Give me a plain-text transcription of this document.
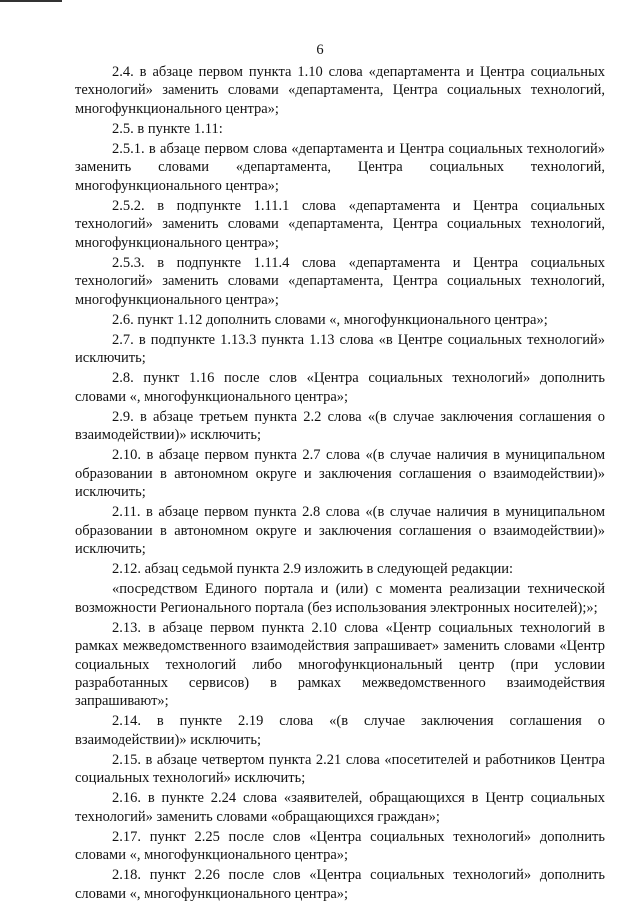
6

2.4. в абзаце первом пункта 1.10 слова «департамента и Центра социальных технологий» заменить словами «департамента, Центра социальных технологий, многофункционального центра»;

2.5. в пункте 1.11:

2.5.1. в абзаце первом слова «департамента и Центра социальных технологий» заменить словами «департамента, Центра социальных технологий, многофункционального центра»;

2.5.2. в подпункте 1.11.1 слова «департамента и Центра социальных технологий» заменить словами «департамента, Центра социальных технологий, многофункционального центра»;

2.5.3. в подпункте 1.11.4 слова «департамента и Центра социальных технологий» заменить словами «департамента, Центра социальных технологий, многофункционального центра»;

2.6. пункт 1.12 дополнить словами «, многофункционального центра»;

2.7. в подпункте 1.13.3 пункта 1.13 слова «в Центре социальных технологий» исключить;

2.8. пункт 1.16 после слов «Центра социальных технологий» дополнить словами «, многофункционального центра»;

2.9. в абзаце третьем пункта 2.2 слова «(в случае заключения соглашения о взаимодействии)» исключить;

2.10. в абзаце первом пункта 2.7 слова «(в случае наличия в муниципальном образовании в автономном округе и заключения соглашения о взаимодействии)» исключить;

2.11. в абзаце первом пункта 2.8 слова «(в случае наличия в муниципальном образовании в автономном округе и заключения соглашения о взаимодействии)» исключить;

2.12. абзац седьмой пункта 2.9 изложить в следующей редакции:

«посредством Единого портала и (или) с момента реализации технической возможности Регионального портала (без использования электронных носителей);»;

2.13. в абзаце первом пункта 2.10 слова «Центр социальных технологий в рамках межведомственного взаимодействия запрашивает» заменить словами «Центр социальных технологий либо многофункциональный центр (при условии разработанных сервисов) в рамках межведомственного взаимодействия запрашивают»;

2.14. в пункте 2.19 слова «(в случае заключения соглашения о взаимодействии)» исключить;

2.15. в абзаце четвертом пункта 2.21 слова «посетителей и работников Центра социальных технологий» исключить;

2.16. в пункте 2.24 слова «заявителей, обращающихся в Центр социальных технологий» заменить словами «обращающихся граждан»;

2.17. пункт 2.25 после слов «Центра социальных технологий» дополнить словами «, многофункционального центра»;

2.18. пункт 2.26 после слов «Центра социальных технологий» дополнить словами «, многофункционального центра»;
